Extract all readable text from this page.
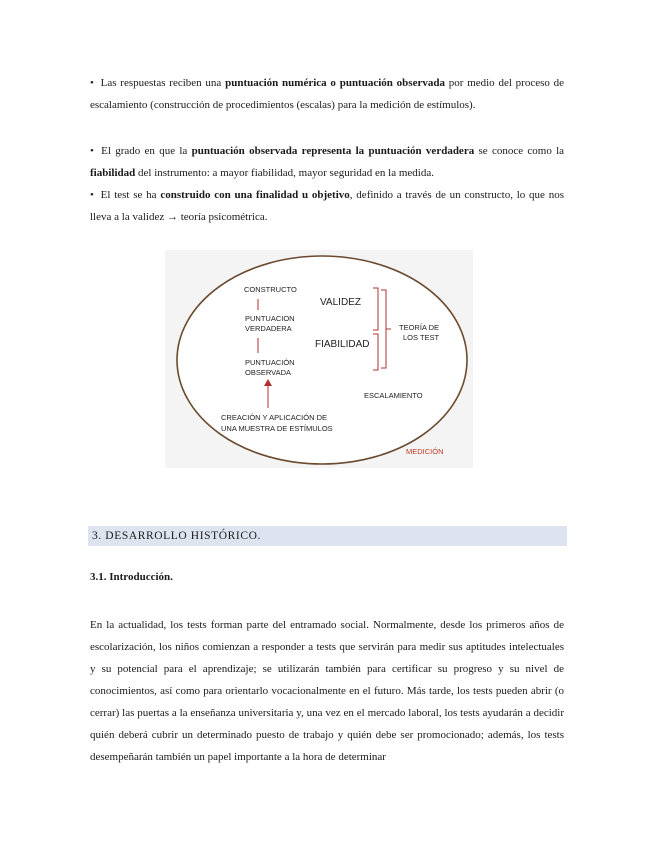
• Las respuestas reciben una puntuación numérica o puntuación observada por medio del proceso de escalamiento (construcción de procedimientos (escalas) para la medición de estímulos).

• El grado en que la puntuación observada representa la puntuación verdadera se conoce como la fiabilidad del instrumento: a mayor fiabilidad, mayor seguridad en la medida.

• El test se ha construido con una finalidad u objetivo, definido a través de un constructo, lo que nos lleva a la validez → teoría psicométrica.

CONSTRUCTO
PUNTUACION
VERDADERA
PUNTUACIÓN
OBSERVADA
CREACIÓN Y APLICACIÓN DE
UNA MUESTRA DE ESTÍMULOS
VALIDEZ
FIABILIDAD
TEORÍA DE
LOS TEST
ESCALAMIENTO
MEDICIÓN
3. DESARROLLO HISTÓRICO.
3.1. Introducción.

En la actualidad, los tests forman parte del entramado social. Normalmente, desde los primeros años de escolarización, los niños comienzan a responder a tests que servirán para medir sus aptitudes intelectuales y su potencial para el aprendizaje; se utilizarán también para certificar su progreso y su nivel de conocimientos, así como para orientarlo vocacionalmente en el futuro. Más tarde, los tests pueden abrir (o cerrar) las puertas a la enseñanza universitaria y, una vez en el mercado laboral, los tests ayudarán a decidir quién deberá cubrir un determinado puesto de trabajo y quién debe ser promocionado; además, los tests desempeñarán también un papel importante a la hora de determinar
